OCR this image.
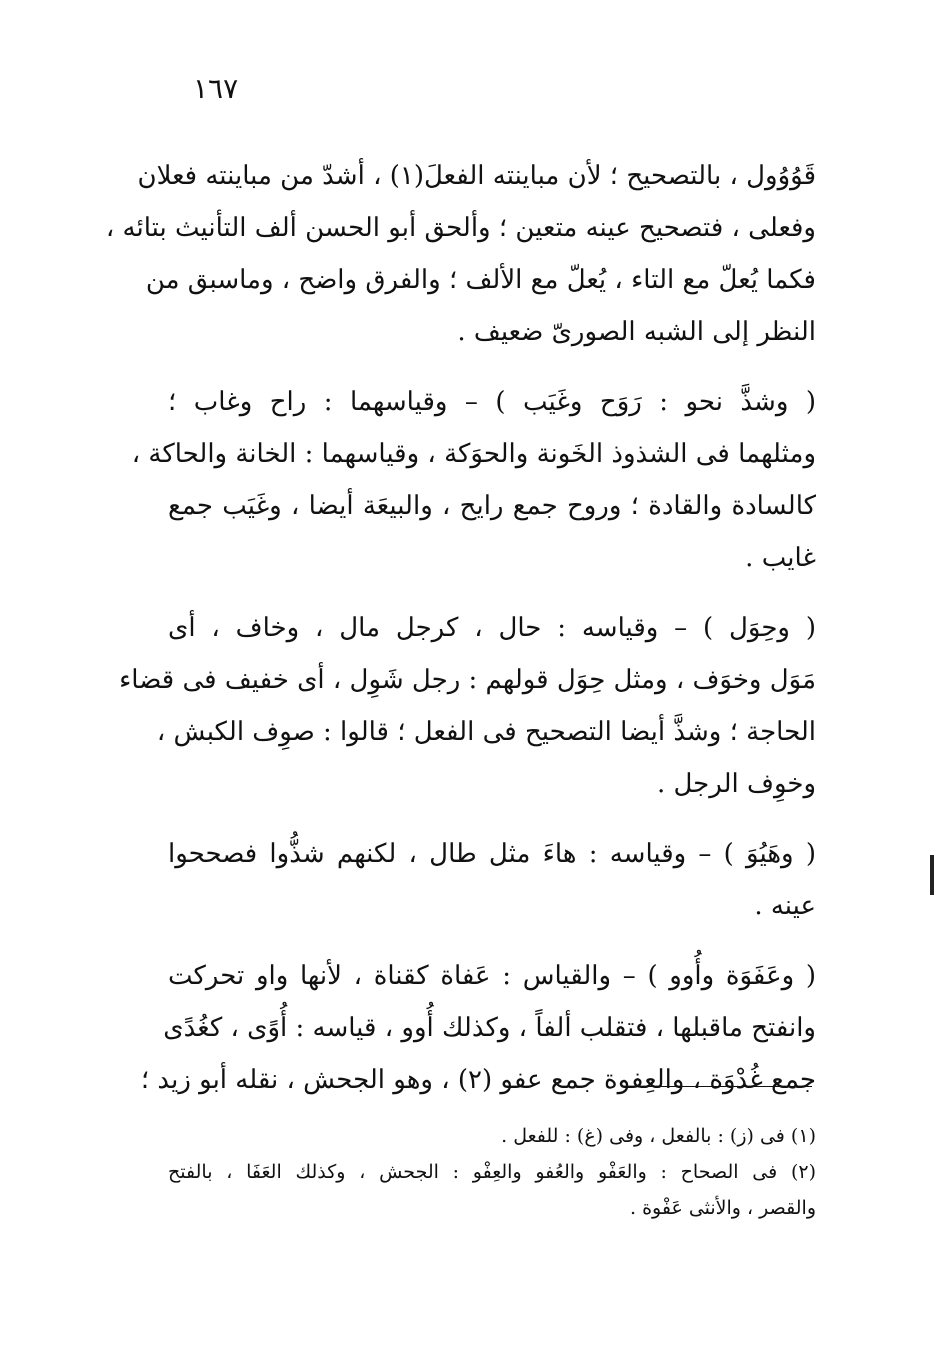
١٦٧

قَوُوُول ، بالتصحيح ؛ لأن مباينته الفعلَ(١) ، أشدّ من مباينته فعلان
وفعلى ، فتصحيح عينه متعين ؛ وألحق أبو الحسن ألف التأنيث بتائه ،
فكما يُعلّ مع التاء ، يُعلّ مع الألف ؛ والفرق واضح ، وماسبق من
النظر إلى الشبه الصورىّ ضعيف .

( وشذَّ نحو : رَوَح وغَيَب ) – وقياسهما : راح وغاب ؛
ومثلهما فى الشذوذ الخَونة والحوَكة ، وقياسهما : الخانة والحاكة ،
كالسادة والقادة ؛ وروح جمع رايح ، والبيعَة أيضا ، وغَيَب جمع
غايب .

( وحِوَل ) – وقياسه : حال ، كرجل مال ، وخاف ، أى
مَوَل وخوَف ، ومثل حِوَل قولهم : رجل شَوِل ، أى خفيف فى قضاء
الحاجة ؛ وشذَّ أيضا التصحيح فى الفعل ؛ قالوا : صوِف الكبش ،
وخوِف الرجل .

( وهَيُوَ ) – وقياسه : هاءَ مثل طال ، لكنهم شذُّوا فصححوا
عينه .

( وعَفَوَة وأُوو ) – والقياس : عَفاة كقناة ، لأنها واو تحركت
وانفتح ماقبلها ، فتقلب ألفاً ، وكذلك أُوو ، قياسه : أُوًى ، كغُدًى
جمع غُدْوَة ، والعِفوة جمع عفو (٢) ، وهو الجحش ، نقله أبو زيد ؛

(١) فى (ز) : بالفعل ، وفى (غ) : للفعل .

(٢) فى الصحاح : والعَفْو والعُفو والعِفْو : الجحش ، وكذلك العَفَا ، بالفتح
والقصر ، والأنثى عَفْوة .
